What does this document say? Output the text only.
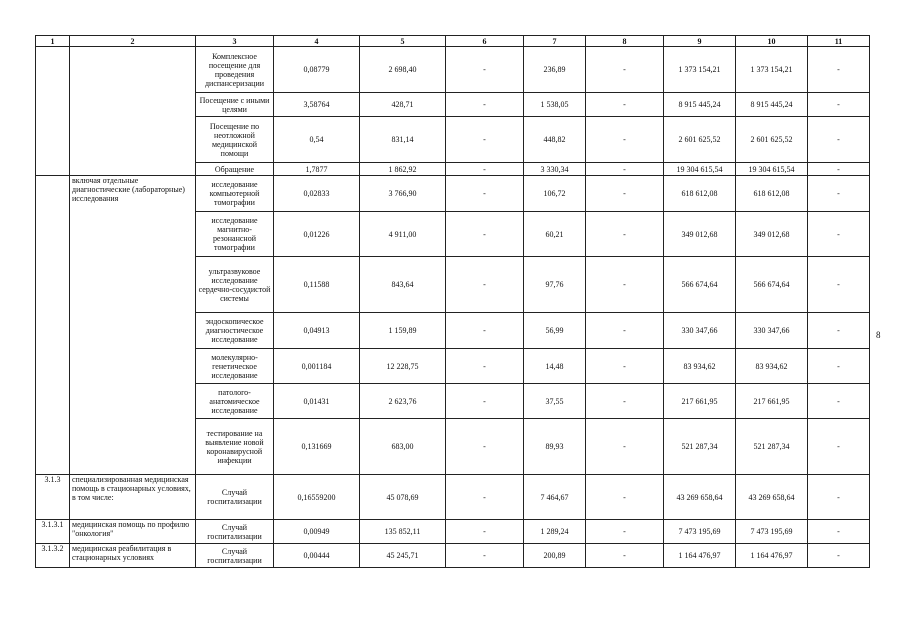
1	2	3	4	5	6	7	8	9	10	11
		Комплексное посещение для проведения диспансеризации	0,08779	2 698,40	-	236,89	-	1 373 154,21	1 373 154,21	-
		Посещение с иными целями	3,58764	428,71	-	1 538,05	-	8 915 445,24	8 915 445,24	-
		Посещение по неотложной медицинской помощи	0,54	831,14	-	448,82	-	2 601 625,52	2 601 625,52	-
		Обращение	1,7877	1 862,92	-	3 330,34	-	19 304 615,54	19 304 615,54	-
	включая отдельные диагностические (лабораторные) исследования	исследование компьютерной томографии	0,02833	3 766,90	-	106,72	-	618 612,08	618 612,08	-
		исследование магнитно-резонансной томографии	0,01226	4 911,00	-	60,21	-	349 012,68	349 012,68	-
		ультразвуковое исследование сердечно-сосудистой системы	0,11588	843,64	-	97,76	-	566 674,64	566 674,64	-
		эндоскопическое диагностическое исследование	0,04913	1 159,89	-	56,99	-	330 347,66	330 347,66	-
		молекулярно-генетическое исследование	0,001184	12 228,75	-	14,48	-	83 934,62	83 934,62	-
		патолого-анатомическое исследование	0,01431	2 623,76	-	37,55	-	217 661,95	217 661,95	-
		тестирование на выявление новой коронавирусной инфекции	0,131669	683,00	-	89,93	-	521 287,34	521 287,34	-
3.1.3	специализированная медицинская помощь в стационарных условиях, в том числе:	Случай госпитализации	0,16559200	45 078,69	-	7 464,67	-	43 269 658,64	43 269 658,64	-
3.1.3.1	медицинская помощь по профилю "онкология"	Случай госпитализации	0,00949	135 852,11	-	1 289,24	-	7 473 195,69	7 473 195,69	-
3.1.3.2	медицинская реабилитация в стационарных условиях	Случай госпитализации	0,00444	45 245,71	-	200,89	-	1 164 476,97	1 164 476,97	-
8
